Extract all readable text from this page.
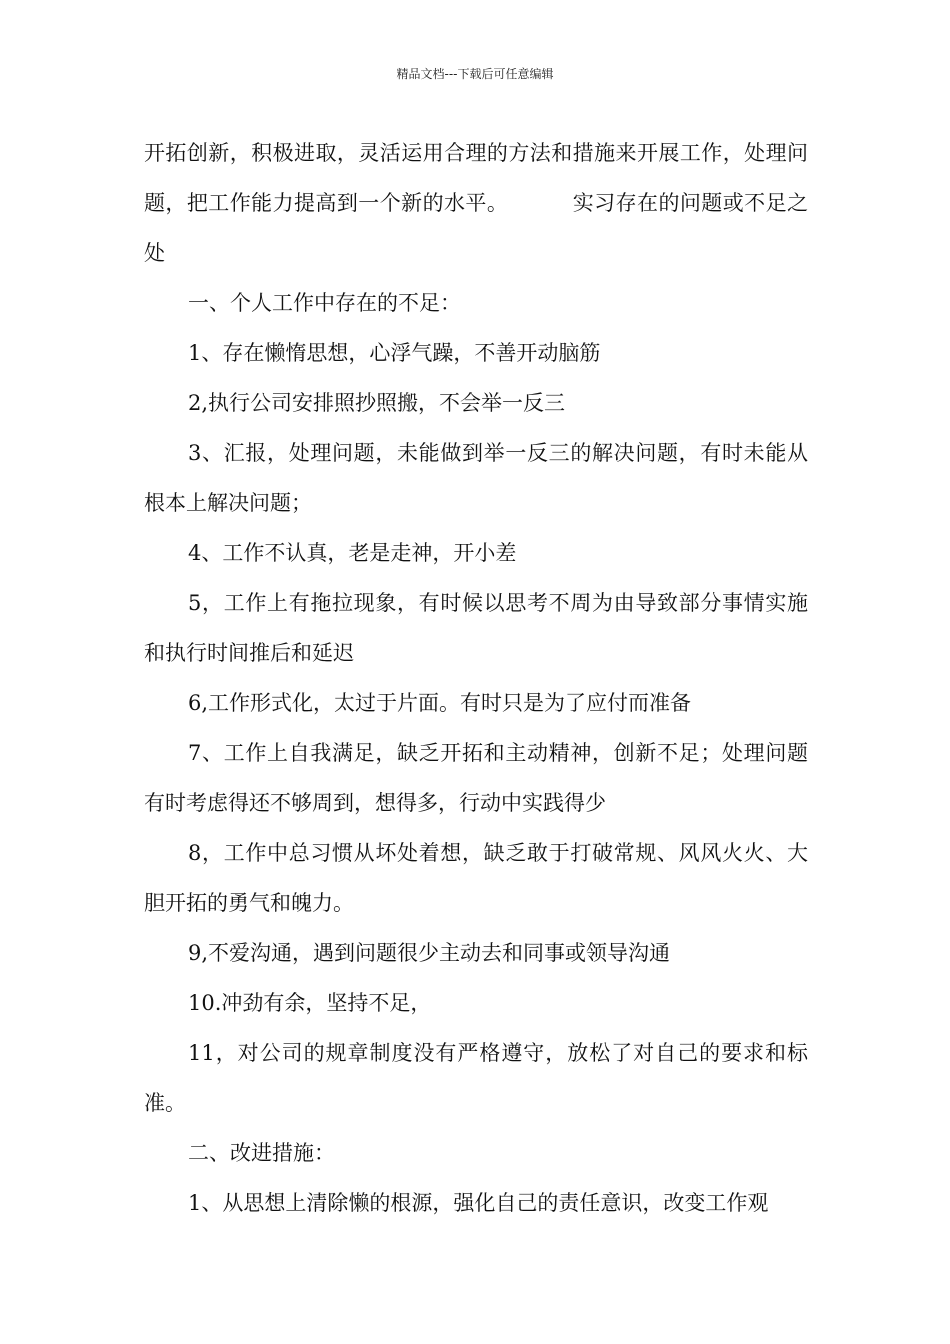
精品文档---下载后可任意编辑

开拓创新，积极进取，灵活运用合理的方法和措施来开展工作，处理问题，把工作能力提高到一个新的水平。	实习存在的问题或不足之处

一、个人工作中存在的不足：

1、存在懒惰思想，心浮气躁，不善开动脑筋

2,执行公司安排照抄照搬，不会举一反三

3、汇报，处理问题，未能做到举一反三的解决问题，有时未能从根本上解决问题；

4、工作不认真，老是走神，开小差

5，工作上有拖拉现象，有时候以思考不周为由导致部分事情实施和执行时间推后和延迟

6,工作形式化，太过于片面。有时只是为了应付而准备

7、工作上自我满足，缺乏开拓和主动精神，创新不足；处理问题有时考虑得还不够周到，想得多，行动中实践得少

8，工作中总习惯从坏处着想，缺乏敢于打破常规、风风火火、大胆开拓的勇气和魄力。

9,不爱沟通，遇到问题很少主动去和同事或领导沟通

10.冲劲有余，坚持不足，

11，对公司的规章制度没有严格遵守，放松了对自己的要求和标准。

二、改进措施：

1、从思想上清除懒的根源，强化自己的责任意识，改变工作观
